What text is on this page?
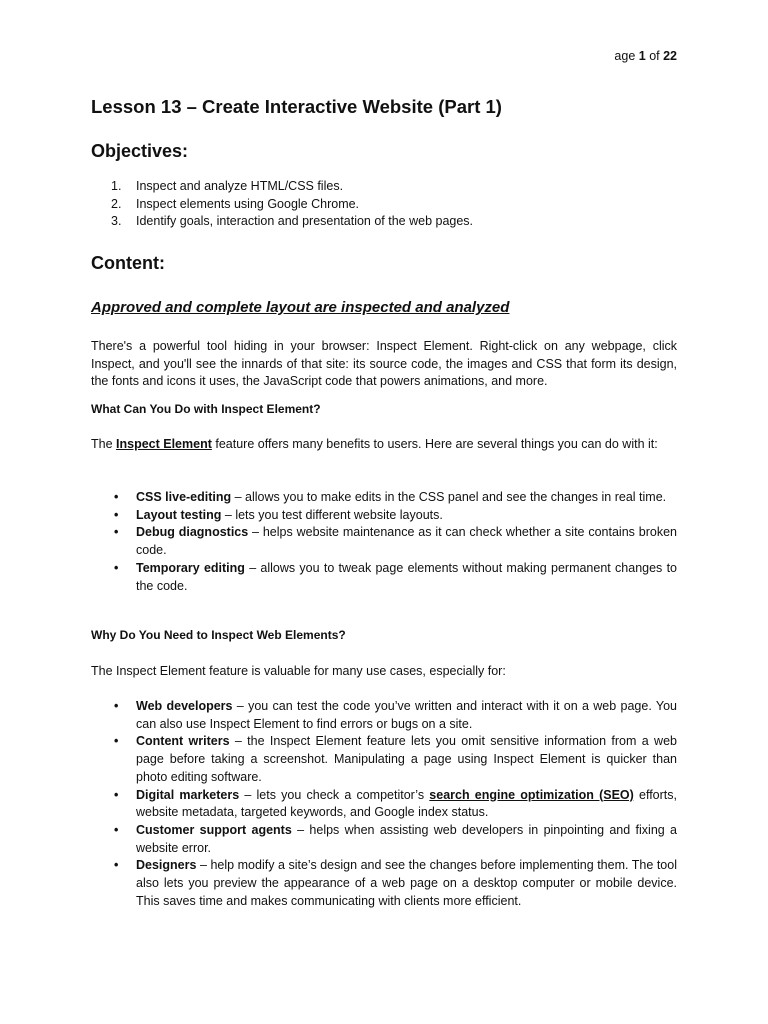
age 1 of 22
Lesson 13 – Create Interactive Website (Part 1)
Objectives:
1.	Inspect and analyze HTML/CSS files.
2.	Inspect elements using Google Chrome.
3.	Identify goals, interaction and presentation of the web pages.
Content:
Approved and complete layout are inspected and analyzed

There's a powerful tool hiding in your browser: Inspect Element. Right-click on any webpage, click Inspect, and you'll see the innards of that site: its source code, the images and CSS that form its design, the fonts and icons it uses, the JavaScript code that powers animations, and more.

What Can You Do with Inspect Element?

The Inspect Element feature offers many benefits to users. Here are several things you can do with it:

• CSS live-editing – allows you to make edits in the CSS panel and see the changes in real time.
• Layout testing – lets you test different website layouts.
• Debug diagnostics – helps website maintenance as it can check whether a site contains broken code.
• Temporary editing – allows you to tweak page elements without making permanent changes to the code.
Why Do You Need to Inspect Web Elements?

The Inspect Element feature is valuable for many use cases, especially for:

• Web developers – you can test the code you’ve written and interact with it on a web page. You can also use Inspect Element to find errors or bugs on a site.
• Content writers – the Inspect Element feature lets you omit sensitive information from a web page before taking a screenshot. Manipulating a page using Inspect Element is quicker than photo editing software.
• Digital marketers – lets you check a competitor’s search engine optimization (SEO) efforts, website metadata, targeted keywords, and Google index status.
• Customer support agents – helps when assisting web developers in pinpointing and fixing a website error.
• Designers – help modify a site’s design and see the changes before implementing them. The tool also lets you preview the appearance of a web page on a desktop computer or mobile device. This saves time and makes communicating with clients more efficient.
